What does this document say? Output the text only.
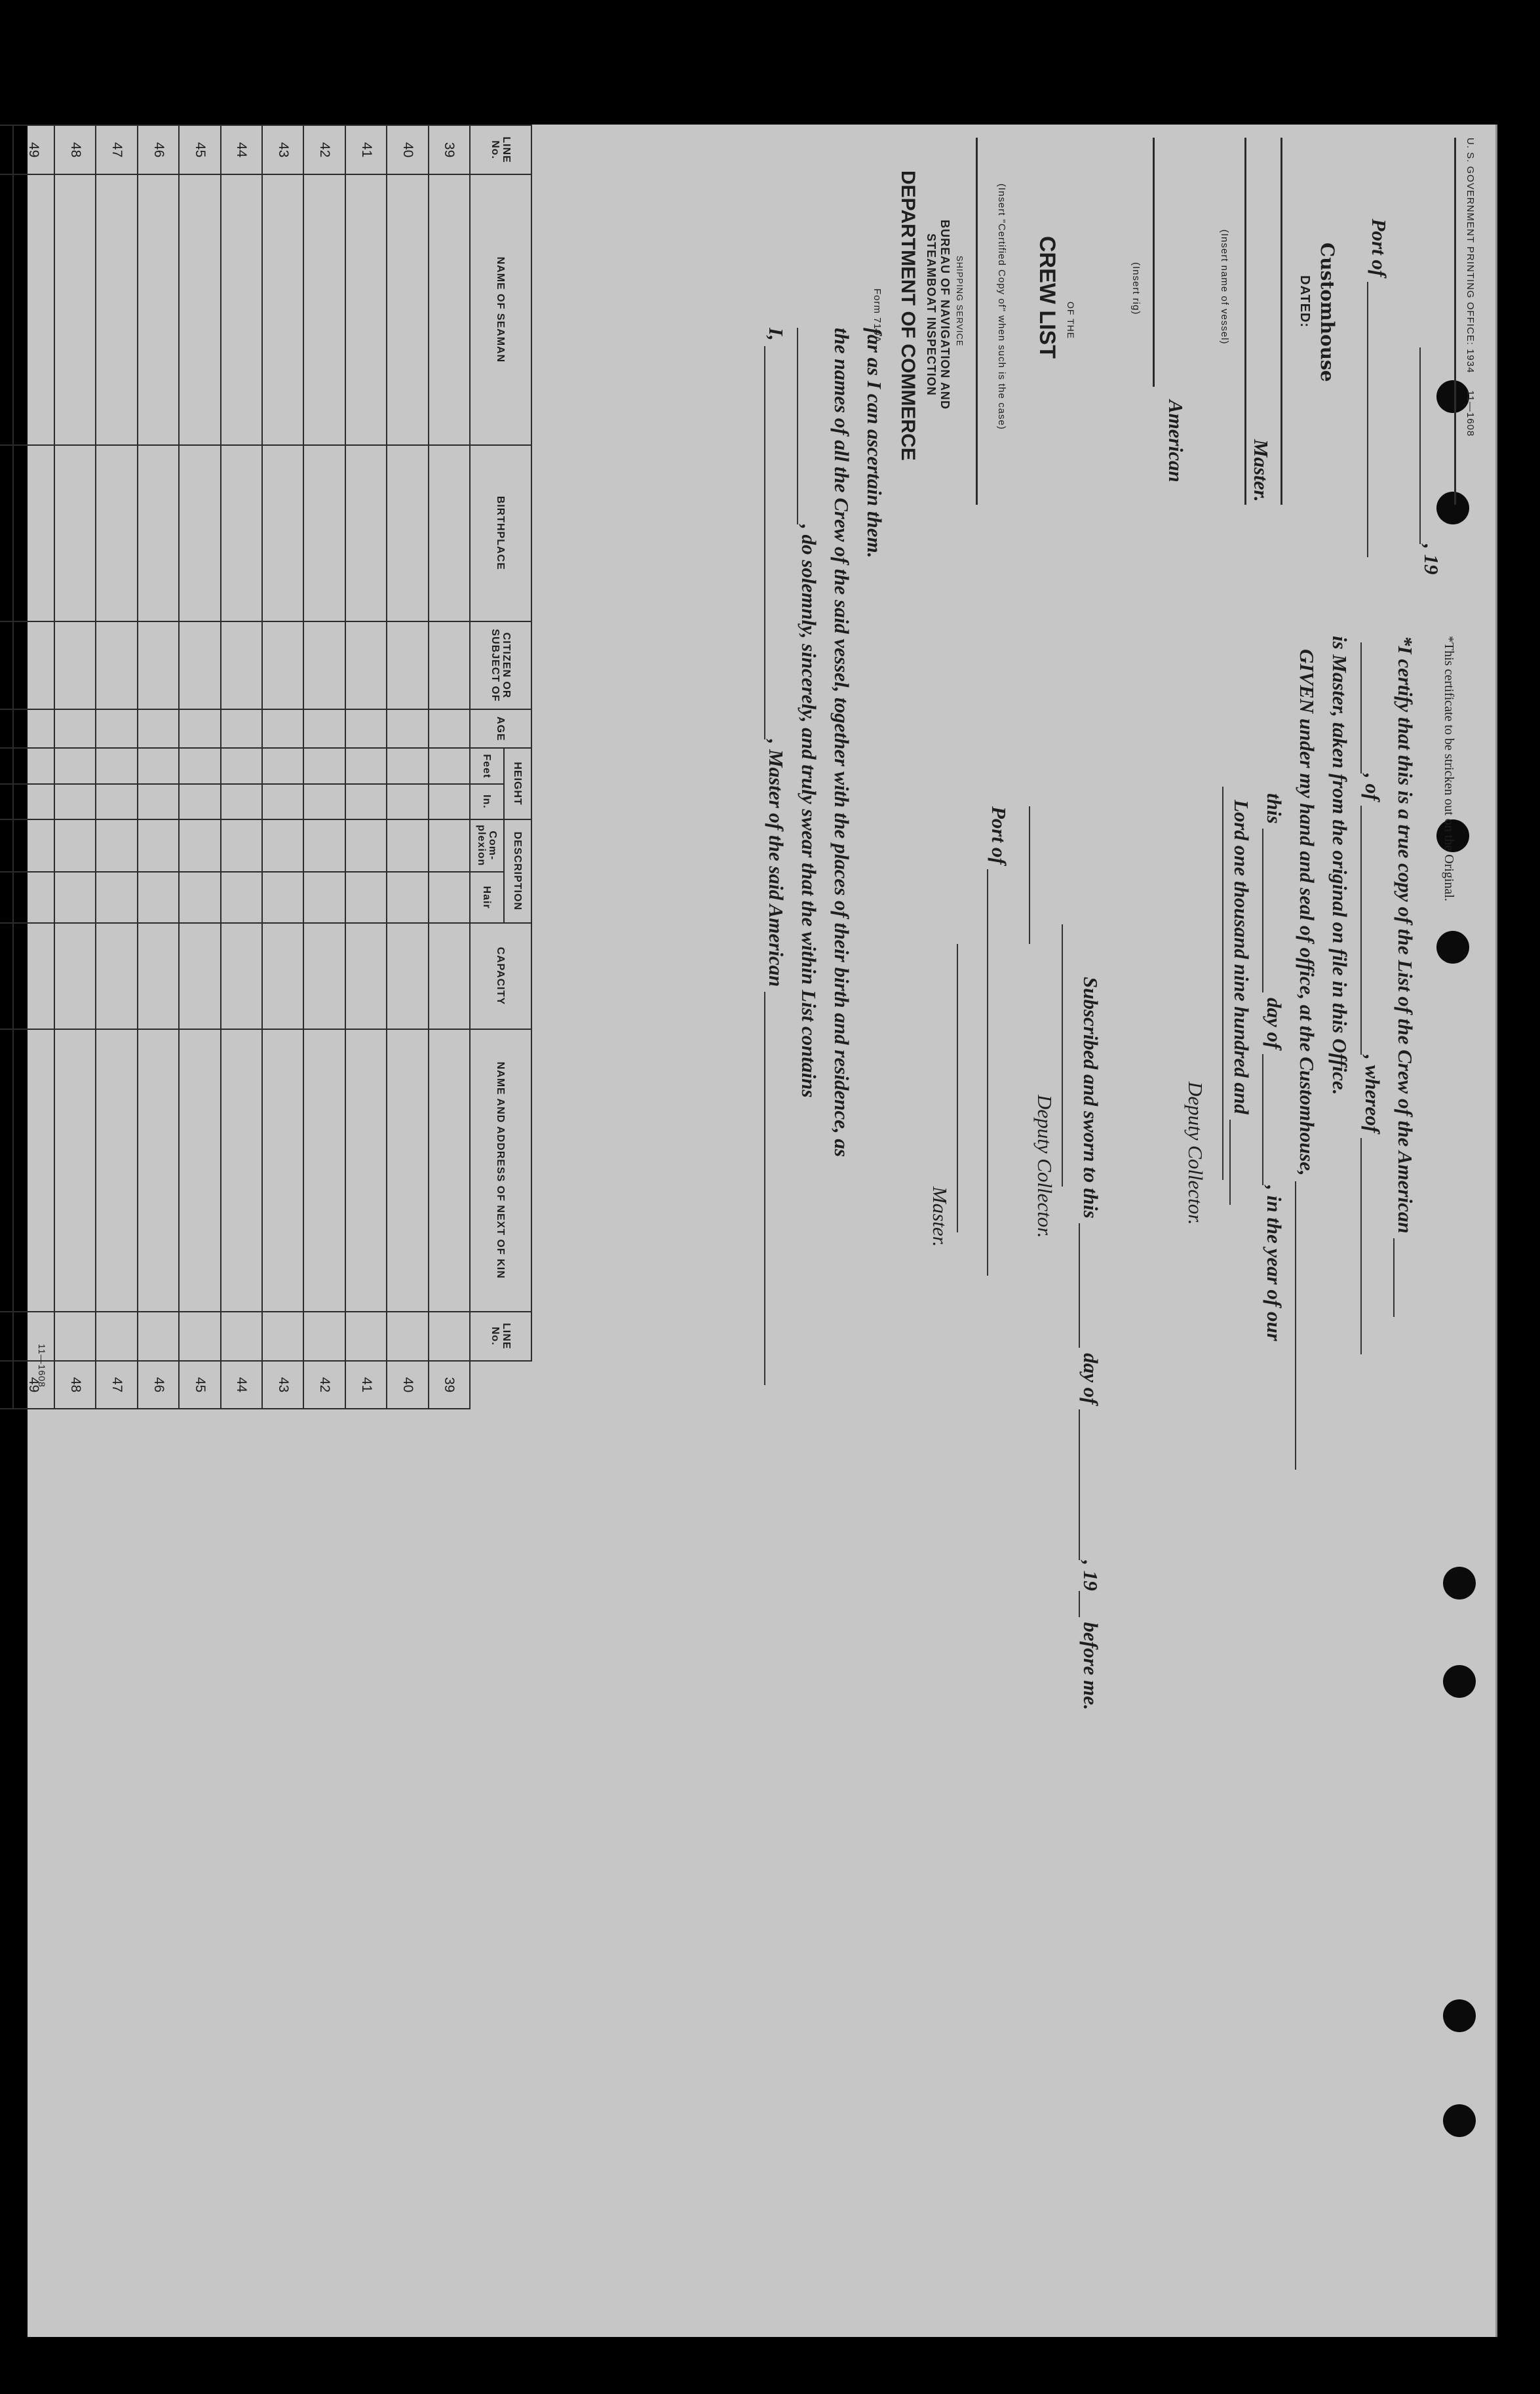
U. S. GOVERNMENT PRINTING OFFICE: 1934     11—1608
, 19
Port of
Customhouse
DATED:
Master.
(Insert name of vessel)
(Insert rig)
American
OF THE
CREW LIST
(Insert "Certified Copy of" when such is the case)
SHIPPING SERVICE
BUREAU OF NAVIGATION AND STEAMBOAT INSPECTION
DEPARTMENT OF COMMERCE
Form 710A
*This certificate to be stricken out on the Original.
*I certify that this is a true copy of the List of the Crew of the American
, of , whereof
is Master, taken from the original on file in this Office.
GIVEN under my hand and seal of office, at the Customhouse,
this  day of , in the year of our
Lord one thousand nine hundred and
Deputy Collector.
Subscribed and sworn to this  day of , 19 before me.
Deputy Collector.
Port of
Master.
far as I can ascertain them.
the names of all the Crew of the said vessel, together with the places of their birth and residence, as
, do solemnly, sincerely, and truly swear that the within List contains
I, , Master of the said American
LINE No.	NAME OF SEAMAN	BIRTHPLACE	CITIZEN OR SUBJECT OF	AGE	HEIGHT		DESCRIPTION		CAPACITY	NAME AND ADDRESS OF NEXT OF KIN	LINE No.	
					Feet	In.	Com- plexion	Hair				
39												39
40												40
41												41
42												42
43												43
44												44
45												45
46												46
47												47
48												48
49												49

11—1608
